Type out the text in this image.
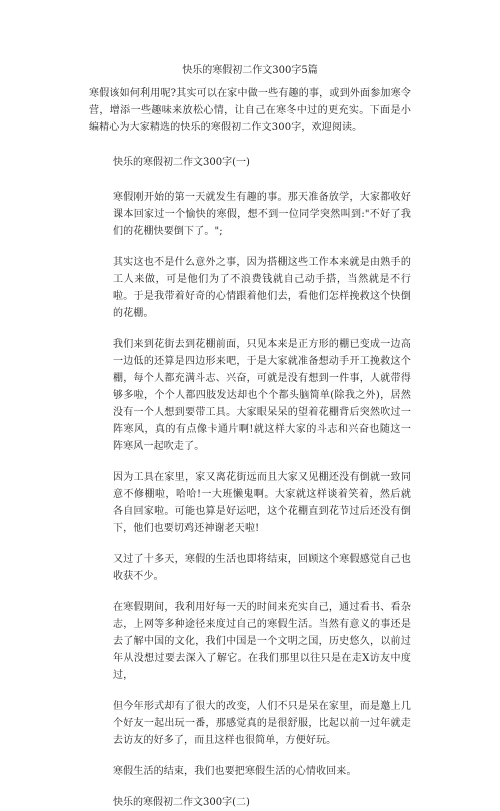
快乐的寒假初二作文300字5篇

寒假该如何利用呢?其实可以在家中做一些有趣的事，或到外面参加寒令营，增添一些趣味来放松心情，让自己在寒冬中过的更充实。下面是小编精心为大家精选的快乐的寒假初二作文300字，欢迎阅读。

快乐的寒假初二作文300字(一)

寒假刚开始的第一天就发生有趣的事。那天准备放学，大家都收好课本回家过一个愉快的寒假，想不到一位同学突然叫到:"不好了我们的花棚快要倒下了。";

其实这也不是什么意外之事，因为搭棚这些工作本来就是由熟手的工人来做，可是他们为了不浪费钱就自己动手搭，当然就是不行啦。于是我带着好奇的心情跟着他们去，看他们怎样挽救这个快倒的花棚。

我们来到花街去到花棚前面，只见本来是正方形的棚已变成一边高一边低的还算是四边形来吧，于是大家就准备想动手开工挽救这个棚，每个人都充满斗志、兴奋，可就是没有想到一件事，人就带得够多啦，个个人都四肢发达却也个个都头脑简单(除我之外)，居然没有一个人想到要带工具。大家眼呆呆的望着花棚背后突然吹过一阵寒风，真的有点像卡通片啊!就这样大家的斗志和兴奋也随这一阵寒风一起吹走了。

因为工具在家里，家又离花街远而且大家又见棚还没有倒就一致同意不修棚啦，哈哈!一大班懒鬼啊。大家就这样谈着笑着，然后就各自回家啦。可能也算是好运吧，这个花棚直到花节过后还没有倒下，他们也要切鸡还神谢老天啦!

又过了十多天，寒假的生活也即将结束，回顾这个寒假感觉自己也收获不少。

在寒假期间，我利用好每一天的时间来充实自己，通过看书、看杂志，上网等多种途径来度过自己的寒假生活。当然有意义的事还是去了解中国的文化，我们中国是一个文明之国，历史悠久，以前过年从没想过要去深入了解它。在我们那里以往只是在走X访友中度过，

但今年形式却有了很大的改变，人们不只是呆在家里，而是邀上几个好友一起出玩一番，那感觉真的是很舒服，比起以前一过年就走去访友的好多了，而且这样也很简单，方便好玩。

寒假生活的结束，我们也要把寒假生活的心情收回来。

快乐的寒假初二作文300字(二)
